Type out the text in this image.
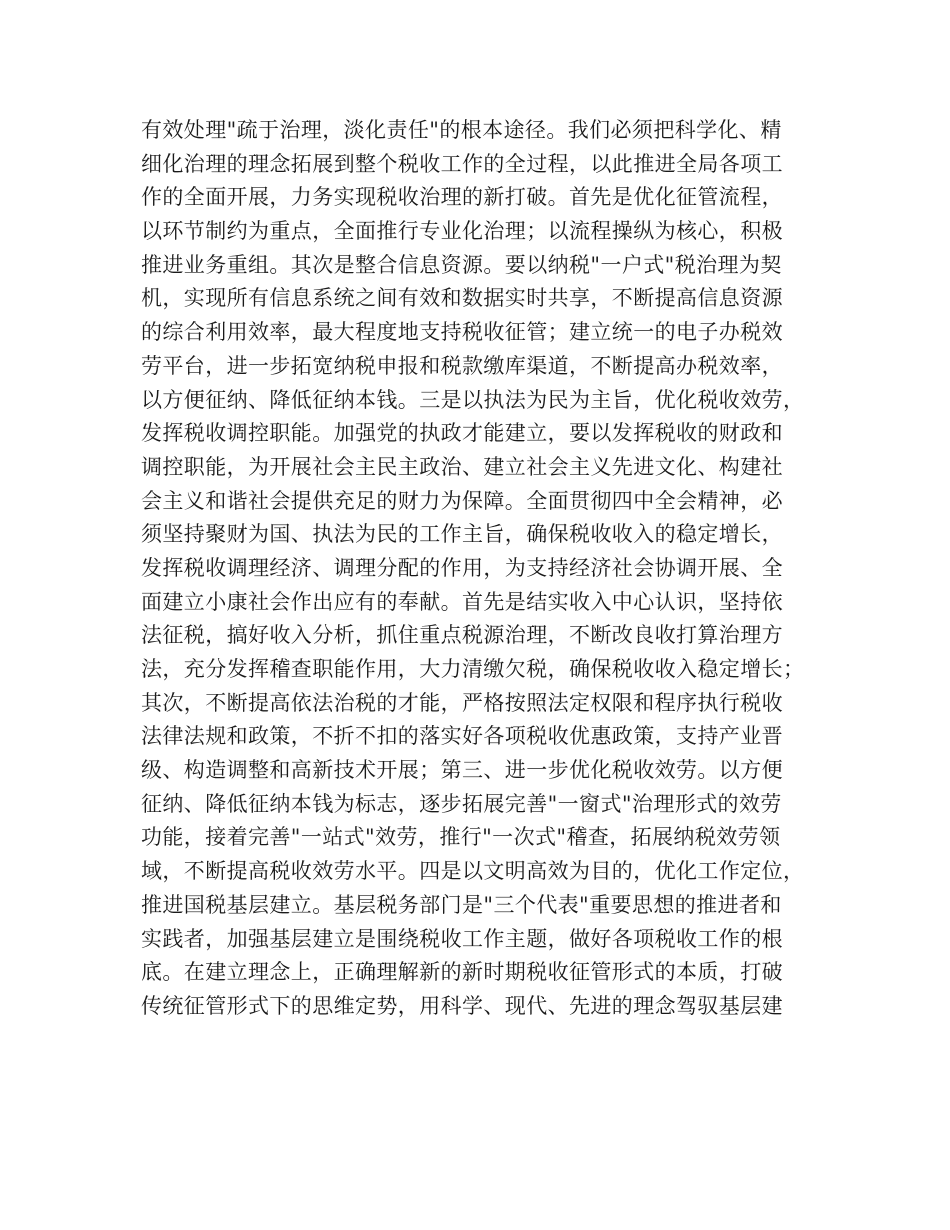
有效处理"疏于治理，淡化责任"的根本途径。我们必须把科学化、精
细化治理的理念拓展到整个税收工作的全过程，以此推进全局各项工
作的全面开展，力务实现税收治理的新打破。首先是优化征管流程，
以环节制约为重点，全面推行专业化治理；以流程操纵为核心，积极
推进业务重组。其次是整合信息资源。要以纳税"一户式"税治理为契
机，实现所有信息系统之间有效和数据实时共享，不断提高信息资源
的综合利用效率，最大程度地支持税收征管；建立统一的电子办税效
劳平台，进一步拓宽纳税申报和税款缴库渠道，不断提高办税效率，
以方便征纳、降低征纳本钱。三是以执法为民为主旨，优化税收效劳，
发挥税收调控职能。加强党的执政才能建立，要以发挥税收的财政和
调控职能，为开展社会主民主政治、建立社会主义先进文化、构建社
会主义和谐社会提供充足的财力为保障。全面贯彻四中全会精神，必
须坚持聚财为国、执法为民的工作主旨，确保税收收入的稳定增长，
发挥税收调理经济、调理分配的作用，为支持经济社会协调开展、全
面建立小康社会作出应有的奉献。首先是结实收入中心认识，坚持依
法征税，搞好收入分析，抓住重点税源治理，不断改良收打算治理方
法，充分发挥稽查职能作用，大力清缴欠税，确保税收收入稳定增长；
其次，不断提高依法治税的才能，严格按照法定权限和程序执行税收
法律法规和政策，不折不扣的落实好各项税收优惠政策，支持产业晋
级、构造调整和高新技术开展；第三、进一步优化税收效劳。以方便
征纳、降低征纳本钱为标志，逐步拓展完善"一窗式"治理形式的效劳
功能，接着完善"一站式"效劳，推行"一次式"稽查，拓展纳税效劳领
域，不断提高税收效劳水平。四是以文明高效为目的，优化工作定位，
推进国税基层建立。基层税务部门是"三个代表"重要思想的推进者和
实践者，加强基层建立是围绕税收工作主题，做好各项税收工作的根
底。在建立理念上，正确理解新的新时期税收征管形式的本质，打破
传统征管形式下的思维定势，用科学、现代、先进的理念驾驭基层建
